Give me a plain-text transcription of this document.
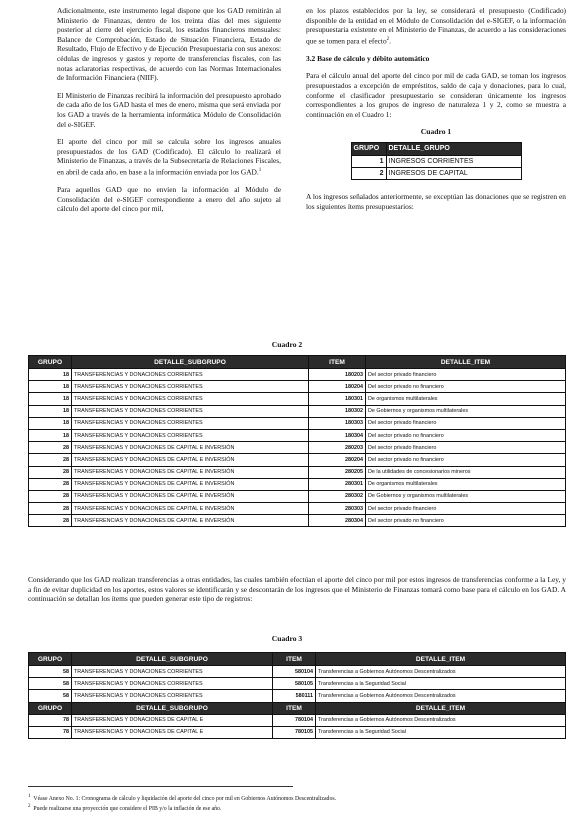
Adicionalmente, este instrumento legal dispone que los GAD remitirán al Ministerio de Finanzas, dentro de los treinta días del mes siguiente posterior al cierre del ejercicio fiscal, los estados financieros mensuales: Balance de Comprobación, Estado de Situación Financiera, Estado de Resultado, Flujo de Efectivo y de Ejecución Presupuestaria con sus anexos: cédulas de ingresos y gastos y reporte de transferencias fiscales, con las notas aclaratorias respectivas, de acuerdo con las Normas Internacionales de Información Financiera (NIIF).

El Ministerio de Finanzas recibirá la información del presupuesto aprobado de cada año de los GAD hasta el mes de enero, misma que será enviada por los GAD a través de la herramienta informática Módulo de Consolidación del e-SIGEF.

El aporte del cinco por mil se calcula sobre los ingresos anuales presupuestados de los GAD (Codificado). El cálculo lo realizará el Ministerio de Finanzas, a través de la Subsecretaría de Relaciones Fiscales, en abril de cada año, en base a la información enviada por los GAD.$^1$

Para aquellos GAD que no envíen la información al Módulo de Consolidación del e-SIGEF correspondiente a enero del año sujeto al cálculo del aporte del cinco por mil,

en los plazos establecidos por la ley, se considerará el presupuesto (Codificado) disponible de la entidad en el Módulo de Consolidación del e-SIGEF, o la información presupuestaria existente en el Ministerio de Finanzas, de acuerdo a las consideraciones que se tomen para el efecto$^2$.

3.2 Base de cálculo y débito automático

Para el cálculo anual del aporte del cinco por mil de cada GAD, se toman los ingresos presupuestados a excepción de empréstitos, saldo de caja y donaciones, para lo cual, conforme el clasificador presupuestario se consideran únicamente los ingresos correspondientes a los grupos de ingreso de naturaleza 1 y 2, como se muestra a continuación en el Cuadro 1:

Cuadro 1
GRUPO	DETALLE_GRUPO
1	INGRESOS CORRIENTES
2	INGRESOS DE CAPITAL

A los ingresos señalados anteriormente, se exceptúan las donaciones que se registren en los siguientes ítems presupuestarios:

Cuadro 2
GRUPO	DETALLE_SUBGRUPO	ITEM	DETALLE_ITEM
18	TRANSFERENCIAS Y DONACIONES CORRIENTES	180203	Del sector privado financiero
18	TRANSFERENCIAS Y DONACIONES CORRIENTES	180204	Del sector privado no financiero
18	TRANSFERENCIAS Y DONACIONES CORRIENTES	180301	De organismos multilaterales
18	TRANSFERENCIAS Y DONACIONES CORRIENTES	180302	De Gobiernos y organismos multilaterales
18	TRANSFERENCIAS Y DONACIONES CORRIENTES	180303	Del sector privado financiero
18	TRANSFERENCIAS Y DONACIONES CORRIENTES	180304	Del sector privado no financiero
28	TRANSFERENCIAS Y DONACIONES DE CAPITAL E INVERSIÓN	280203	Del sector privado financiero
28	TRANSFERENCIAS Y DONACIONES DE CAPITAL E INVERSIÓN	280204	Del sector privado no financiero
28	TRANSFERENCIAS Y DONACIONES DE CAPITAL E INVERSIÓN	280205	De la utilidades de concesionarios mineros
28	TRANSFERENCIAS Y DONACIONES DE CAPITAL E INVERSIÓN	280301	De organismos multilaterales
28	TRANSFERENCIAS Y DONACIONES DE CAPITAL E INVERSIÓN	280302	De Gobiernos y organismos multilaterales
28	TRANSFERENCIAS Y DONACIONES DE CAPITAL E INVERSIÓN	280303	Del sector privado financiero
28	TRANSFERENCIAS Y DONACIONES DE CAPITAL E INVERSIÓN	280304	Del sector privado no financiero

Considerando que los GAD realizan transferencias a otras entidades, las cuales también efectúan el aporte del cinco por mil por estos ingresos de transferencias conforme a la Ley, y a fin de evitar duplicidad en los aportes, estos valores se identificarán y se descontarán de los ingresos que el Ministerio de Finanzas tomará como base para el cálculo en los GAD. A continuación se detallan los ítems que pueden generar este tipo de registros:

Cuadro 3
GRUPO	DETALLE_SUBGRUPO	ITEM	DETALLE_ITEM
58	TRANSFERENCIAS Y DONACIONES CORRIENTES	580104	Transferencias a Gobiernos Autónomos Descentralizados
58	TRANSFERENCIAS Y DONACIONES CORRIENTES	580105	Transferencias a la Seguridad Social
58	TRANSFERENCIAS Y DONACIONES CORRIENTES	580111	Transferencias a Gobiernos Autónomos Descentralizados
GRUPO	DETALLE_SUBGRUPO	ITEM	DETALLE_ITEM
78	TRANSFERENCIAS Y DONACIONES DE CAPITAL E	780104	Transferencias a Gobiernos Autónomos Descentralizados
78	TRANSFERENCIAS Y DONACIONES DE CAPITAL E	780105	Transferencias a la Seguridad Social

$^1$ Véase Anexo No. 1: Cronograma de cálculo y liquidación del aporte del cinco por mil en Gobiernos Autónomos Descentralizados.

$^2$ Puede realizarse una proyección que considere el PIB y/o la inflación de ese año.
